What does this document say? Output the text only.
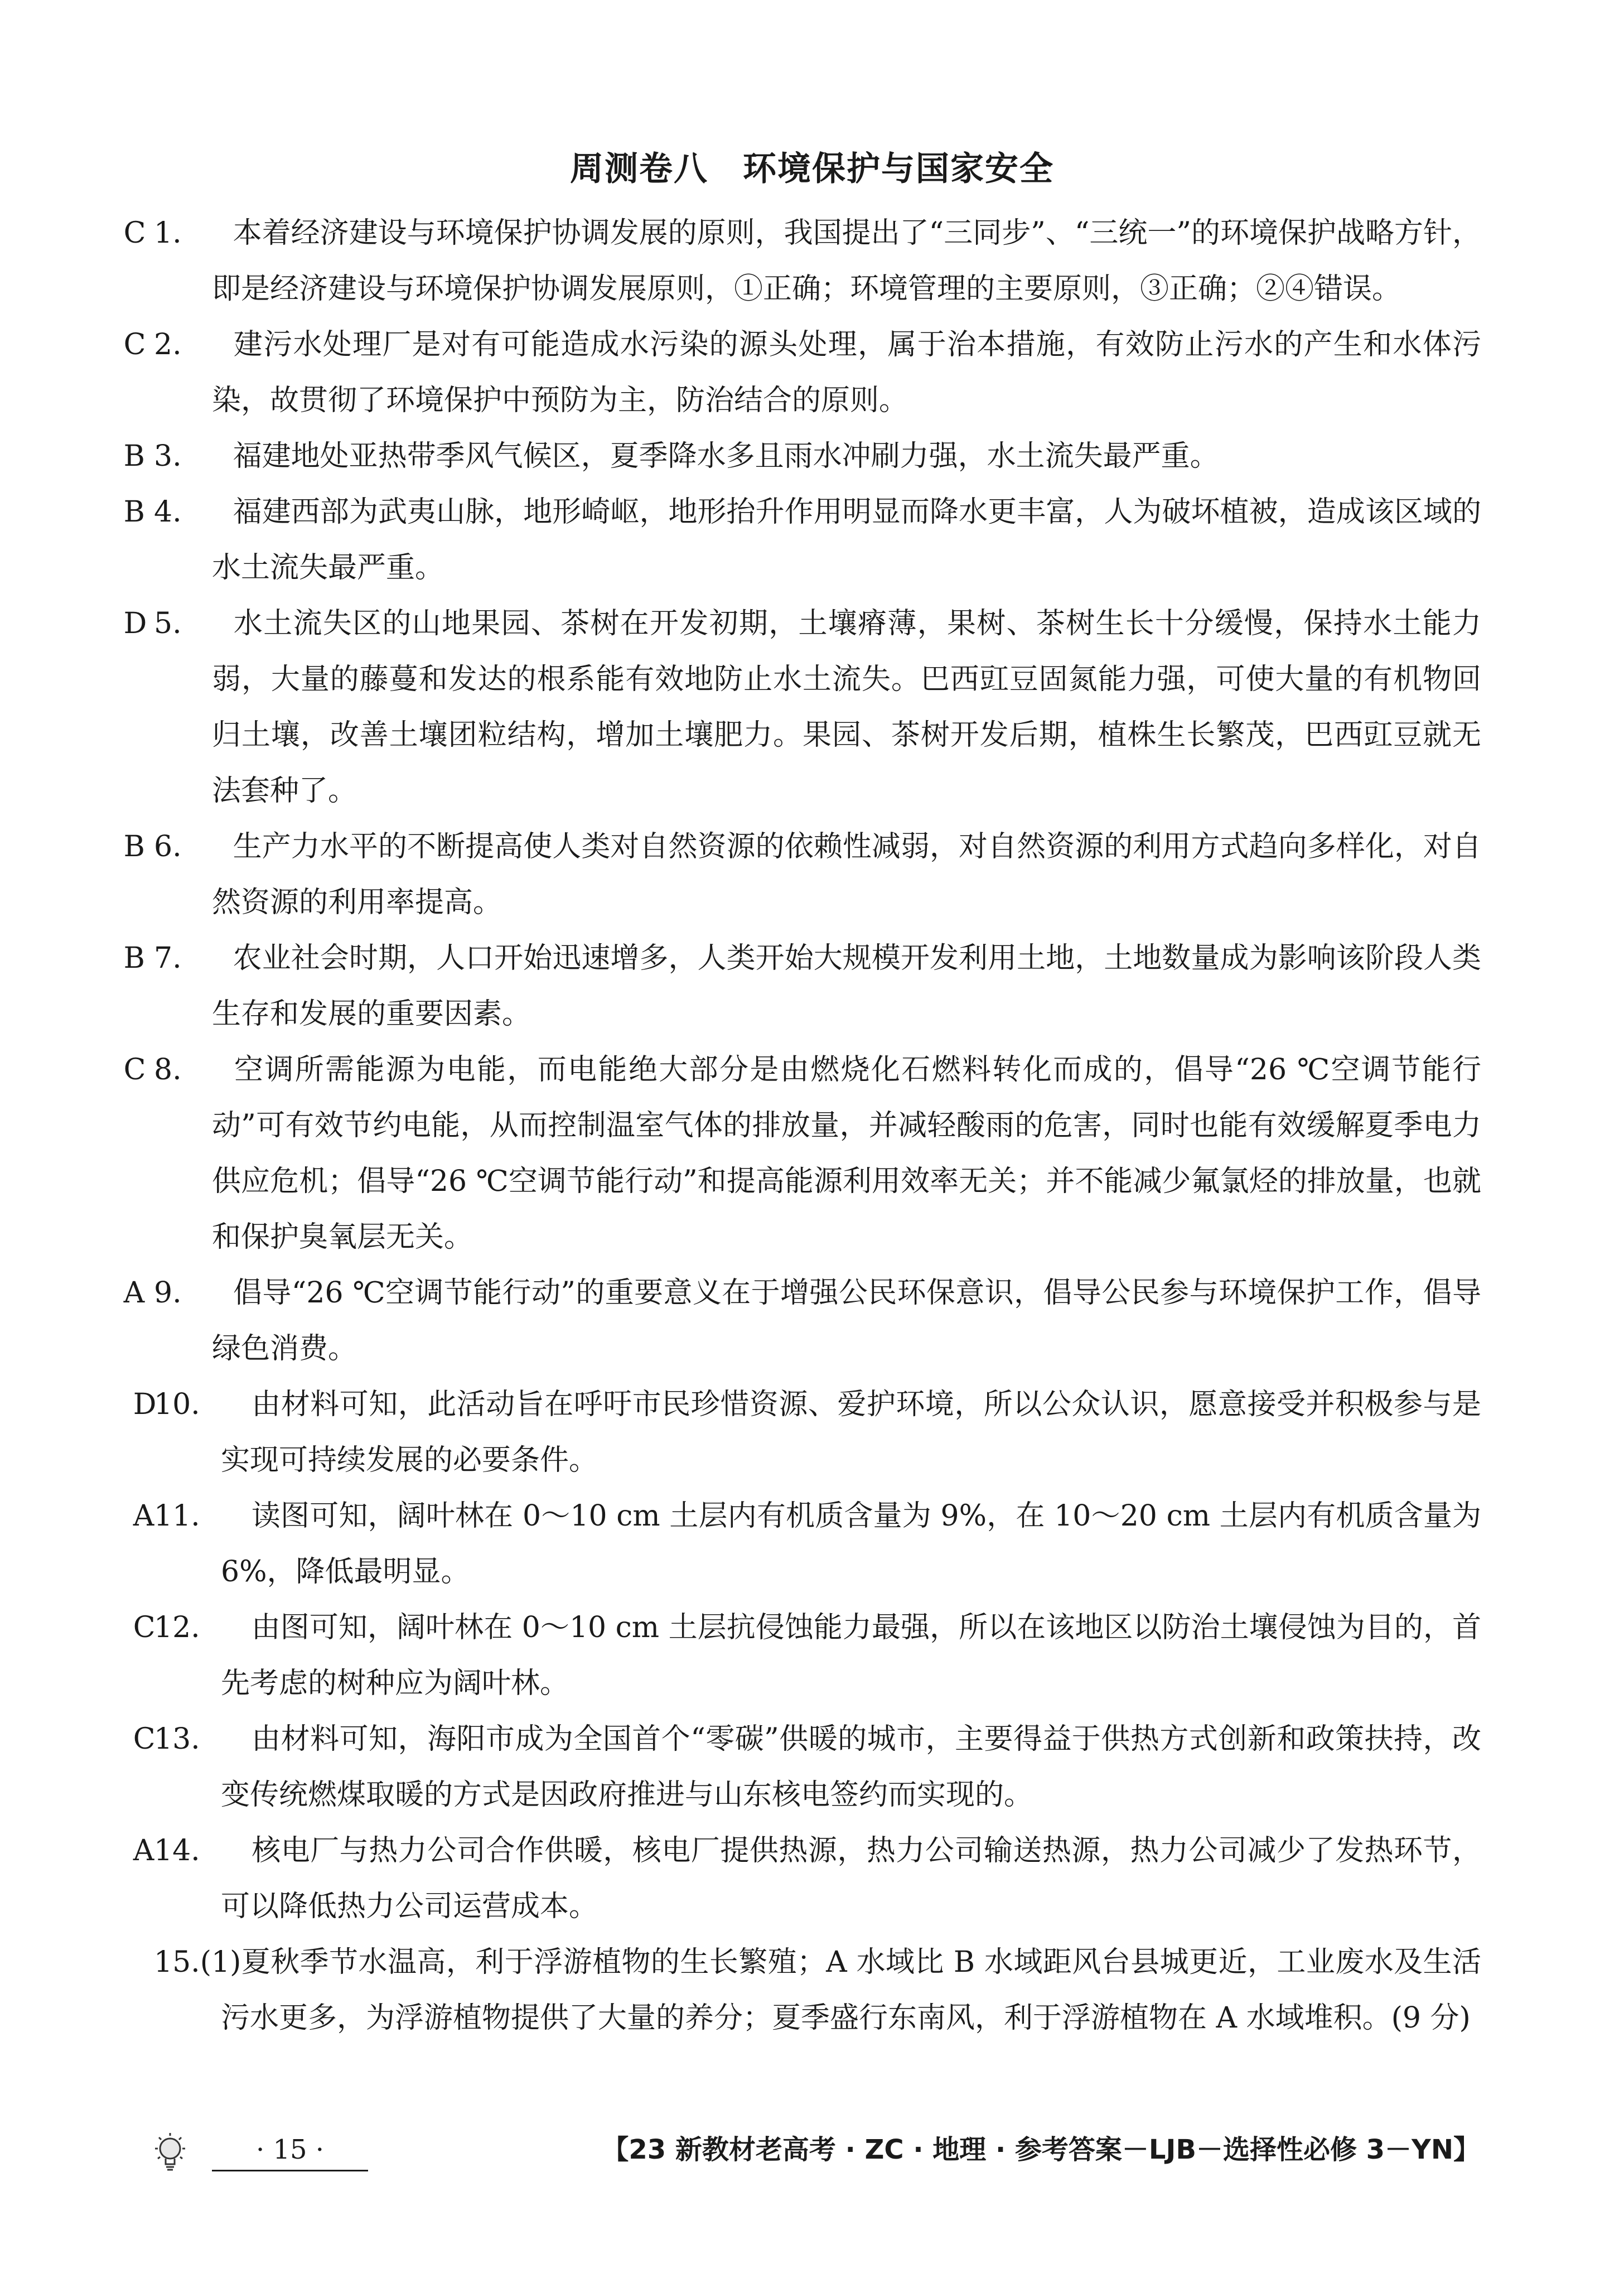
周测卷八　环境保护与国家安全

1.C	本着经济建设与环境保护协调发展的原则，我国提出了“三同步”、“三统一”的环境保护战略方针，即是经济建设与环境保护协调发展原则，①正确；环境管理的主要原则，③正确；②④错误。

2.C	建污水处理厂是对有可能造成水污染的源头处理，属于治本措施，有效防止污水的产生和水体污染，故贯彻了环境保护中预防为主，防治结合的原则。

3.B	福建地处亚热带季风气候区，夏季降水多且雨水冲刷力强，水土流失最严重。

4.B	福建西部为武夷山脉，地形崎岖，地形抬升作用明显而降水更丰富，人为破坏植被，造成该区域的水土流失最严重。

5.D	水土流失区的山地果园、茶树在开发初期，土壤瘠薄，果树、茶树生长十分缓慢，保持水土能力弱，大量的藤蔓和发达的根系能有效地防止水土流失。巴西豇豆固氮能力强，可使大量的有机物回归土壤，改善土壤团粒结构，增加土壤肥力。果园、茶树开发后期，植株生长繁茂，巴西豇豆就无法套种了。

6.B	生产力水平的不断提高使人类对自然资源的依赖性减弱，对自然资源的利用方式趋向多样化，对自然资源的利用率提高。

7.B	农业社会时期，人口开始迅速增多，人类开始大规模开发利用土地，土地数量成为影响该阶段人类生存和发展的重要因素。

8.C	空调所需能源为电能，而电能绝大部分是由燃烧化石燃料转化而成的，倡导“26 ℃空调节能行动”可有效节约电能，从而控制温室气体的排放量，并减轻酸雨的危害，同时也能有效缓解夏季电力供应危机；倡导“26 ℃空调节能行动”和提高能源利用效率无关；并不能减少氟氯烃的排放量，也就和保护臭氧层无关。

9.A	倡导“26 ℃空调节能行动”的重要意义在于增强公民环保意识，倡导公民参与环境保护工作，倡导绿色消费。

10.D	由材料可知，此活动旨在呼吁市民珍惜资源、爱护环境，所以公众认识，愿意接受并积极参与是实现可持续发展的必要条件。

11.A	读图可知，阔叶林在 0～10 cm 土层内有机质含量为 9%，在 10～20 cm 土层内有机质含量为 6%，降低最明显。

12.C	由图可知，阔叶林在 0～10 cm 土层抗侵蚀能力最强，所以在该地区以防治土壤侵蚀为目的，首先考虑的树种应为阔叶林。

13.C	由材料可知，海阳市成为全国首个“零碳”供暖的城市，主要得益于供热方式创新和政策扶持，改变传统燃煤取暖的方式是因政府推进与山东核电签约而实现的。

14.A	核电厂与热力公司合作供暖，核电厂提供热源，热力公司输送热源，热力公司减少了发热环节，可以降低热力公司运营成本。

15.(1)夏秋季节水温高，利于浮游植物的生长繁殖；A 水域比 B 水域距风台县城更近，工业废水及生活污水更多，为浮游植物提供了大量的养分；夏季盛行东南风，利于浮游植物在 A 水域堆积。(9 分)

· 15 ·	【23 新教材老高考 · ZC · 地理 · 参考答案－LJB－选择性必修 3－YN】
